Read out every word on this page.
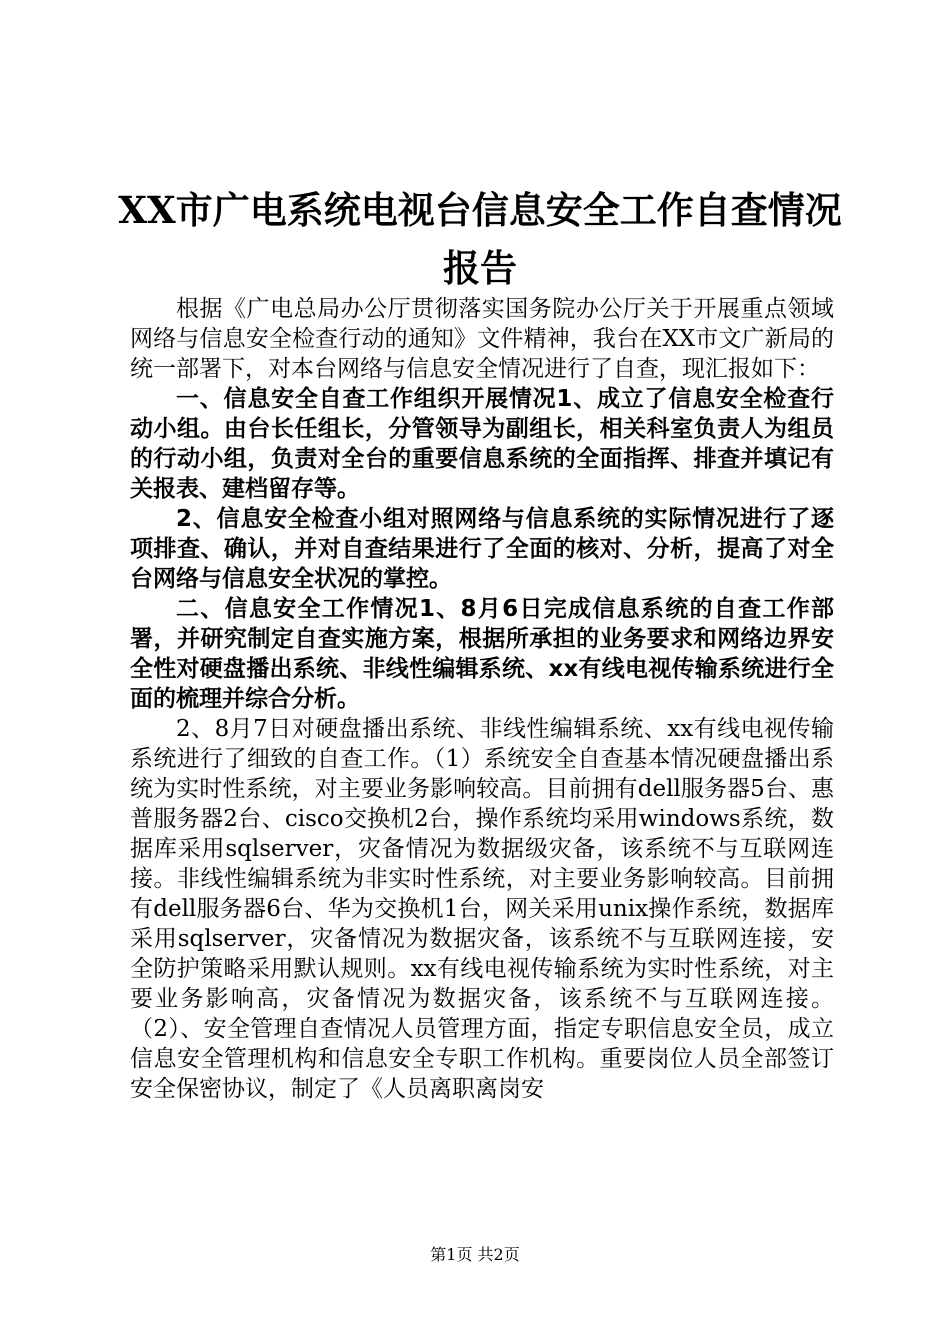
XX市广电系统电视台信息安全工作自查情况
报告

根据《广电总局办公厅贯彻落实国务院办公厅关于开展重点领域网络与信息安全检查行动的通知》文件精神，我台在XX市文广新局的统一部署下，对本台网络与信息安全情况进行了自查，现汇报如下：

一、信息安全自查工作组织开展情况1、成立了信息安全检查行动小组。由台长任组长，分管领导为副组长，相关科室负责人为组员的行动小组，负责对全台的重要信息系统的全面指挥、排查并填记有关报表、建档留存等。

2、信息安全检查小组对照网络与信息系统的实际情况进行了逐项排查、确认，并对自查结果进行了全面的核对、分析，提高了对全台网络与信息安全状况的掌控。

二、信息安全工作情况1、8月6日完成信息系统的自查工作部署，并研究制定自查实施方案，根据所承担的业务要求和网络边界安全性对硬盘播出系统、非线性编辑系统、xx有线电视传输系统进行全面的梳理并综合分析。

2、8月7日对硬盘播出系统、非线性编辑系统、xx有线电视传输系统进行了细致的自查工作。（1）系统安全自查基本情况硬盘播出系统为实时性系统，对主要业务影响较高。目前拥有dell服务器5台、惠普服务器2台、cisco交换机2台，操作系统均采用windows系统，数据库采用sqlserver，灾备情况为数据级灾备，该系统不与互联网连接。非线性编辑系统为非实时性系统，对主要业务影响较高。目前拥有dell服务器6台、华为交换机1台，网关采用unix操作系统，数据库采用sqlserver，灾备情况为数据灾备，该系统不与互联网连接，安全防护策略采用默认规则。xx有线电视传输系统为实时性系统，对主要业务影响高，灾备情况为数据灾备，该系统不与互联网连接。（2）、安全管理自查情况人员管理方面，指定专职信息安全员，成立信息安全管理机构和信息安全专职工作机构。重要岗位人员全部签订安全保密协议，制定了《人员离职离岗安

第1页 共2页
